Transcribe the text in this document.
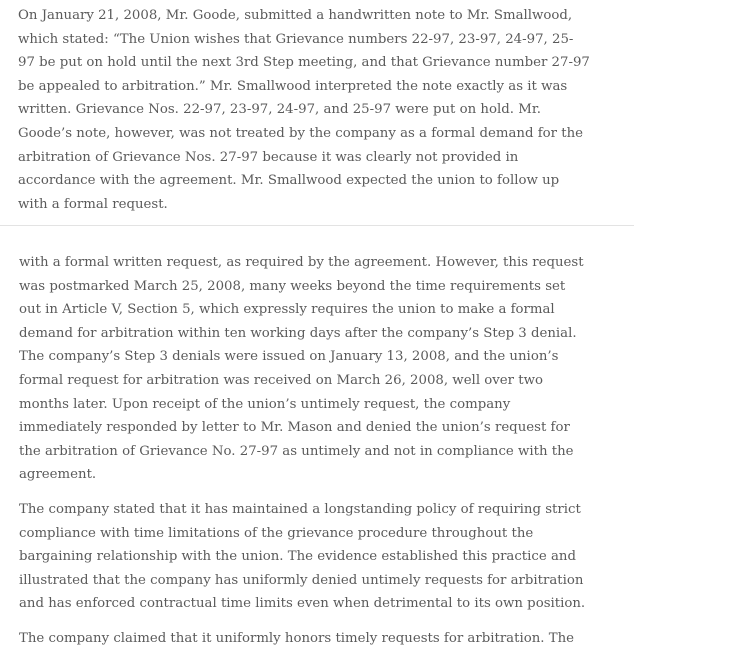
On January 21, 2008, Mr. Goode, submitted a handwritten note to Mr. Smallwood, which stated: “The Union wishes that Grievance numbers 22-97, 23-97, 24-97, 25-97 be put on hold until the next 3rd Step meeting, and that Grievance number 27-97 be appealed to arbitration.” Mr. Smallwood interpreted the note exactly as it was written. Grievance Nos. 22-97, 23-97, 24-97, and 25-97 were put on hold. Mr. Goode’s note, however, was not treated by the company as a formal demand for the arbitration of Grievance Nos. 27-97 because it was clearly not provided in accordance with the agreement. Mr. Smallwood expected the union to follow up with a formal request.

with a formal written request, as required by the agreement. However, this request was postmarked March 25, 2008, many weeks beyond the time requirements set out in Article V, Section 5, which expressly requires the union to make a formal demand for arbitration within ten working days after the company’s Step 3 denial. The company’s Step 3 denials were issued on January 13, 2008, and the union’s formal request for arbitration was received on March 26, 2008, well over two months later. Upon receipt of the union’s untimely request, the company immediately responded by letter to Mr. Mason and denied the union’s request for the arbitration of Grievance No. 27-97 as untimely and not in compliance with the agreement.

The company stated that it has maintained a longstanding policy of requiring strict compliance with time limitations of the grievance procedure throughout the bargaining relationship with the union. The evidence established this practice and illustrated that the company has uniformly denied untimely requests for arbitration and has enforced contractual time limits even when detrimental to its own position.

The company claimed that it uniformly honors timely requests for arbitration. The
